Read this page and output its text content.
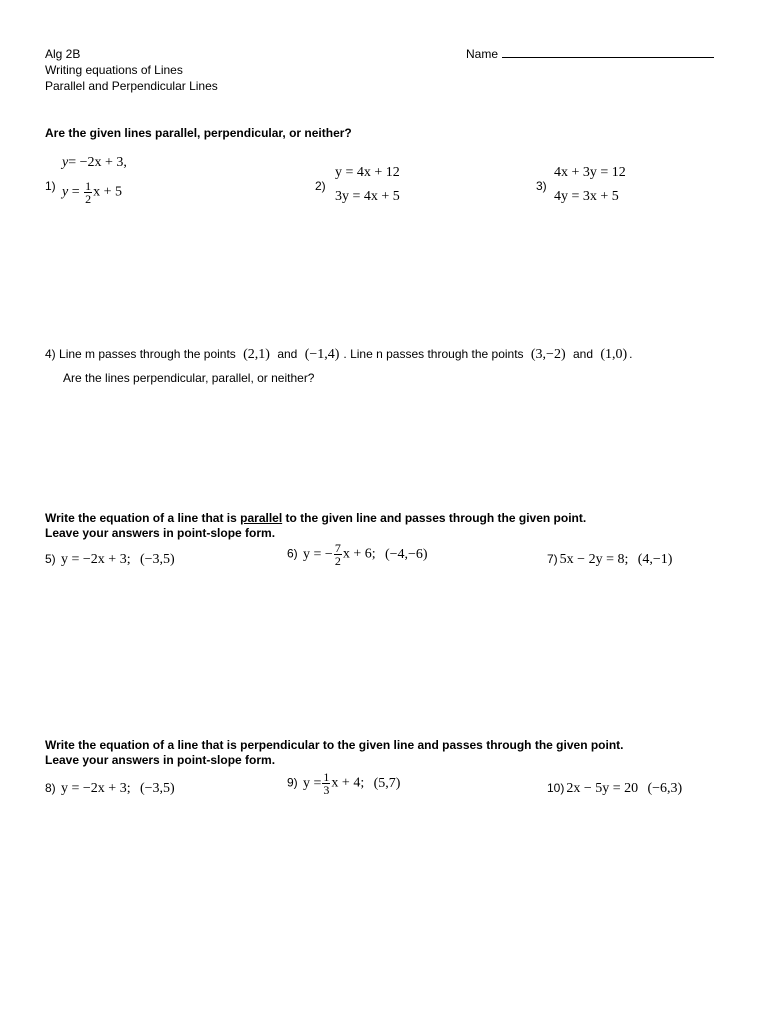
Alg 2B
Writing equations of Lines
Parallel and Perpendicular Lines
Name
Are the given lines parallel, perpendicular, or neither?
1)
y= −2x + 3,
$y = \frac{1}{2}$ x + 5	2)
y = 4x + 12
3y = 4x + 5
3)
4x + 3y = 12
4y = 3x + 5
4) Line m passes through the points (2,1) and (−1,4) . Line n passes through the points (3,−2) and (1,0) .
Are the lines perpendicular, parallel, or neither?
Write the equation of a line that is parallel to the given line and passes through the given point.
Leave your answers in point-slope form.
5) y = −2x + 3; (−3,5)	6) y = − $\frac{7}{2}$ x + 6; (−4,−6)	7) 5x − 2y = 8; (4,−1)
Write the equation of a line that is perpendicular to the given line and passes through the given point.
Leave your answers in point-slope form.
8) y = −2x + 3; (−3,5)	9) $y = \frac{1}{3}$ x + 4; (5,7)	10) 2x − 5y = 20 (−6,3)
